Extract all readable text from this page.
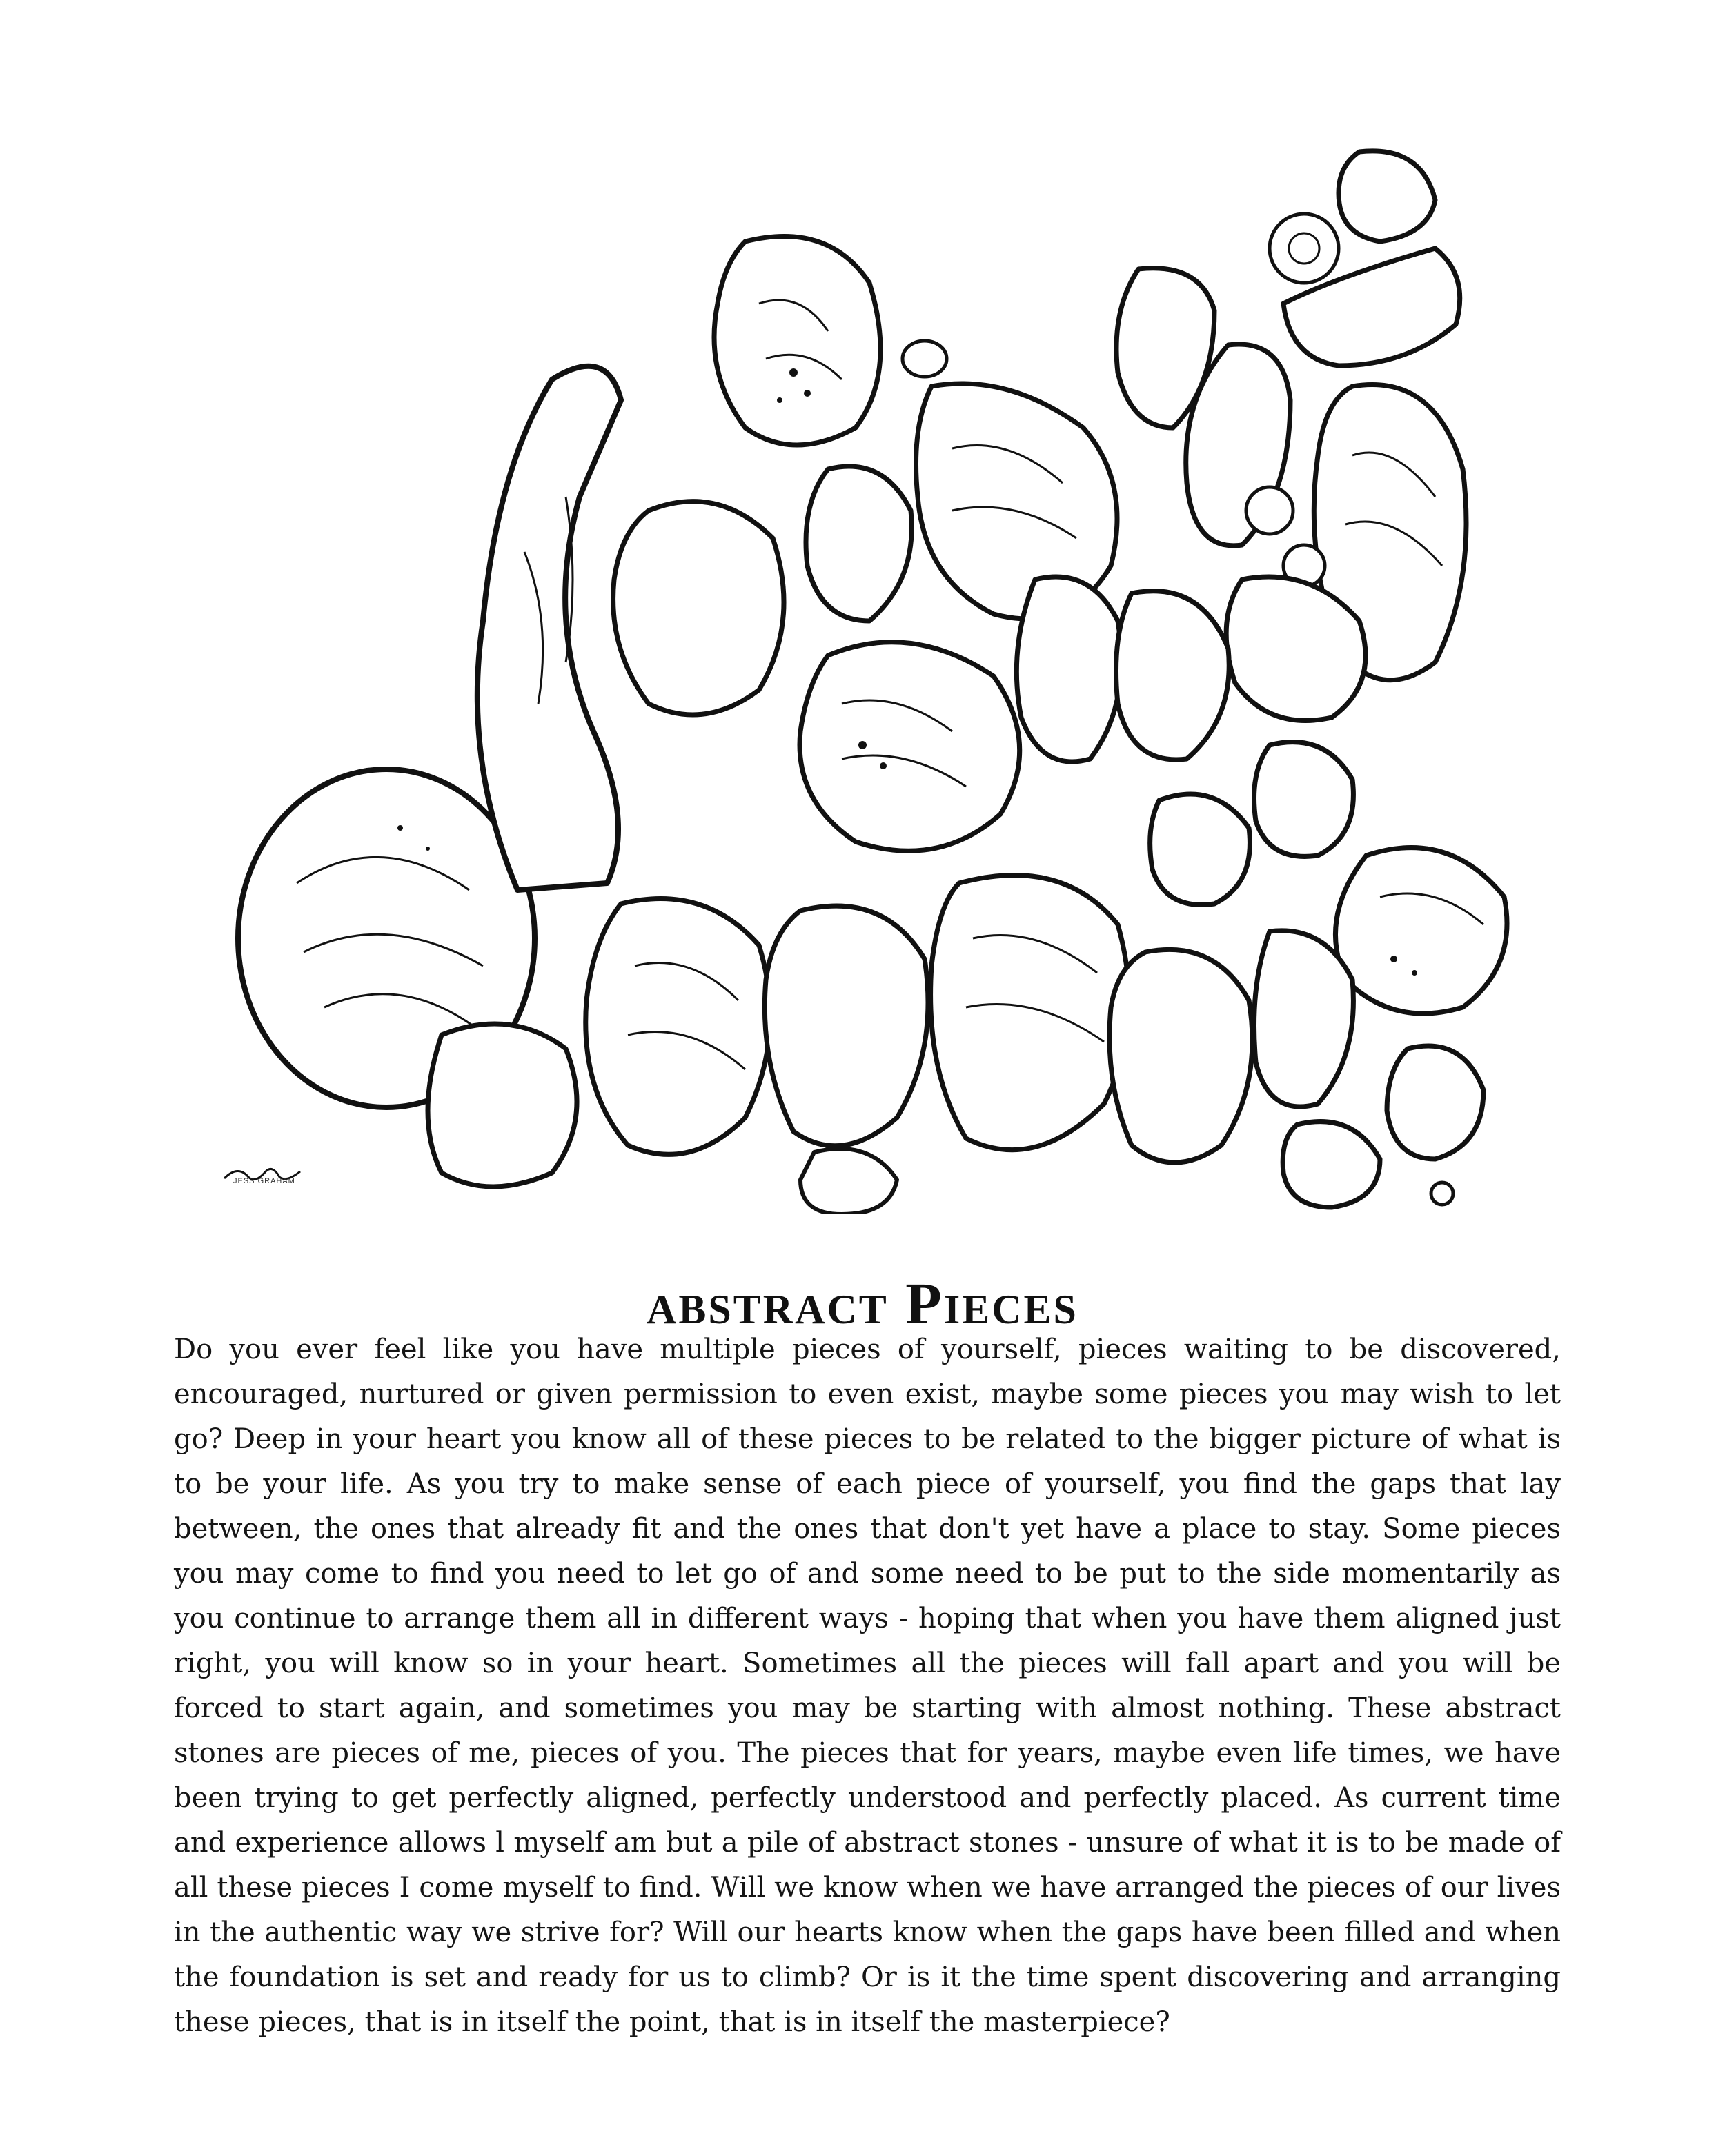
JESS GRAHAM
abstract Pieces

Do you ever feel like you have multiple pieces of yourself, pieces waiting to be discovered, encouraged, nurtured or given permission to even exist, maybe some pieces you may wish to let go? Deep in your heart you know all of these pieces to be related to the bigger picture of what is to be your life. As you try to make sense of each piece of yourself, you find the gaps that lay between, the ones that already fit and the ones that don't yet have a place to stay. Some pieces you may come to find you need to let go of and some need to be put to the side momentarily as you continue to arrange them all in different ways - hoping that when you have them aligned just right, you will know so in your heart. Sometimes all the pieces will fall apart and you will be forced to start again, and sometimes you may be starting with almost nothing. These abstract stones are pieces of me, pieces of you. The pieces that for years, maybe even life times, we have been trying to get perfectly aligned, perfectly understood and perfectly placed. As current time and experience allows l myself am but a pile of abstract stones - unsure of what it is to be made of all these pieces I come myself to find. Will we know when we have arranged the pieces of our lives in the authentic way we strive for? Will our hearts know when the gaps have been filled and when the foundation is set and ready for us to climb? Or is it the time spent discovering and arranging these pieces, that is in itself the point, that is in itself the masterpiece?
